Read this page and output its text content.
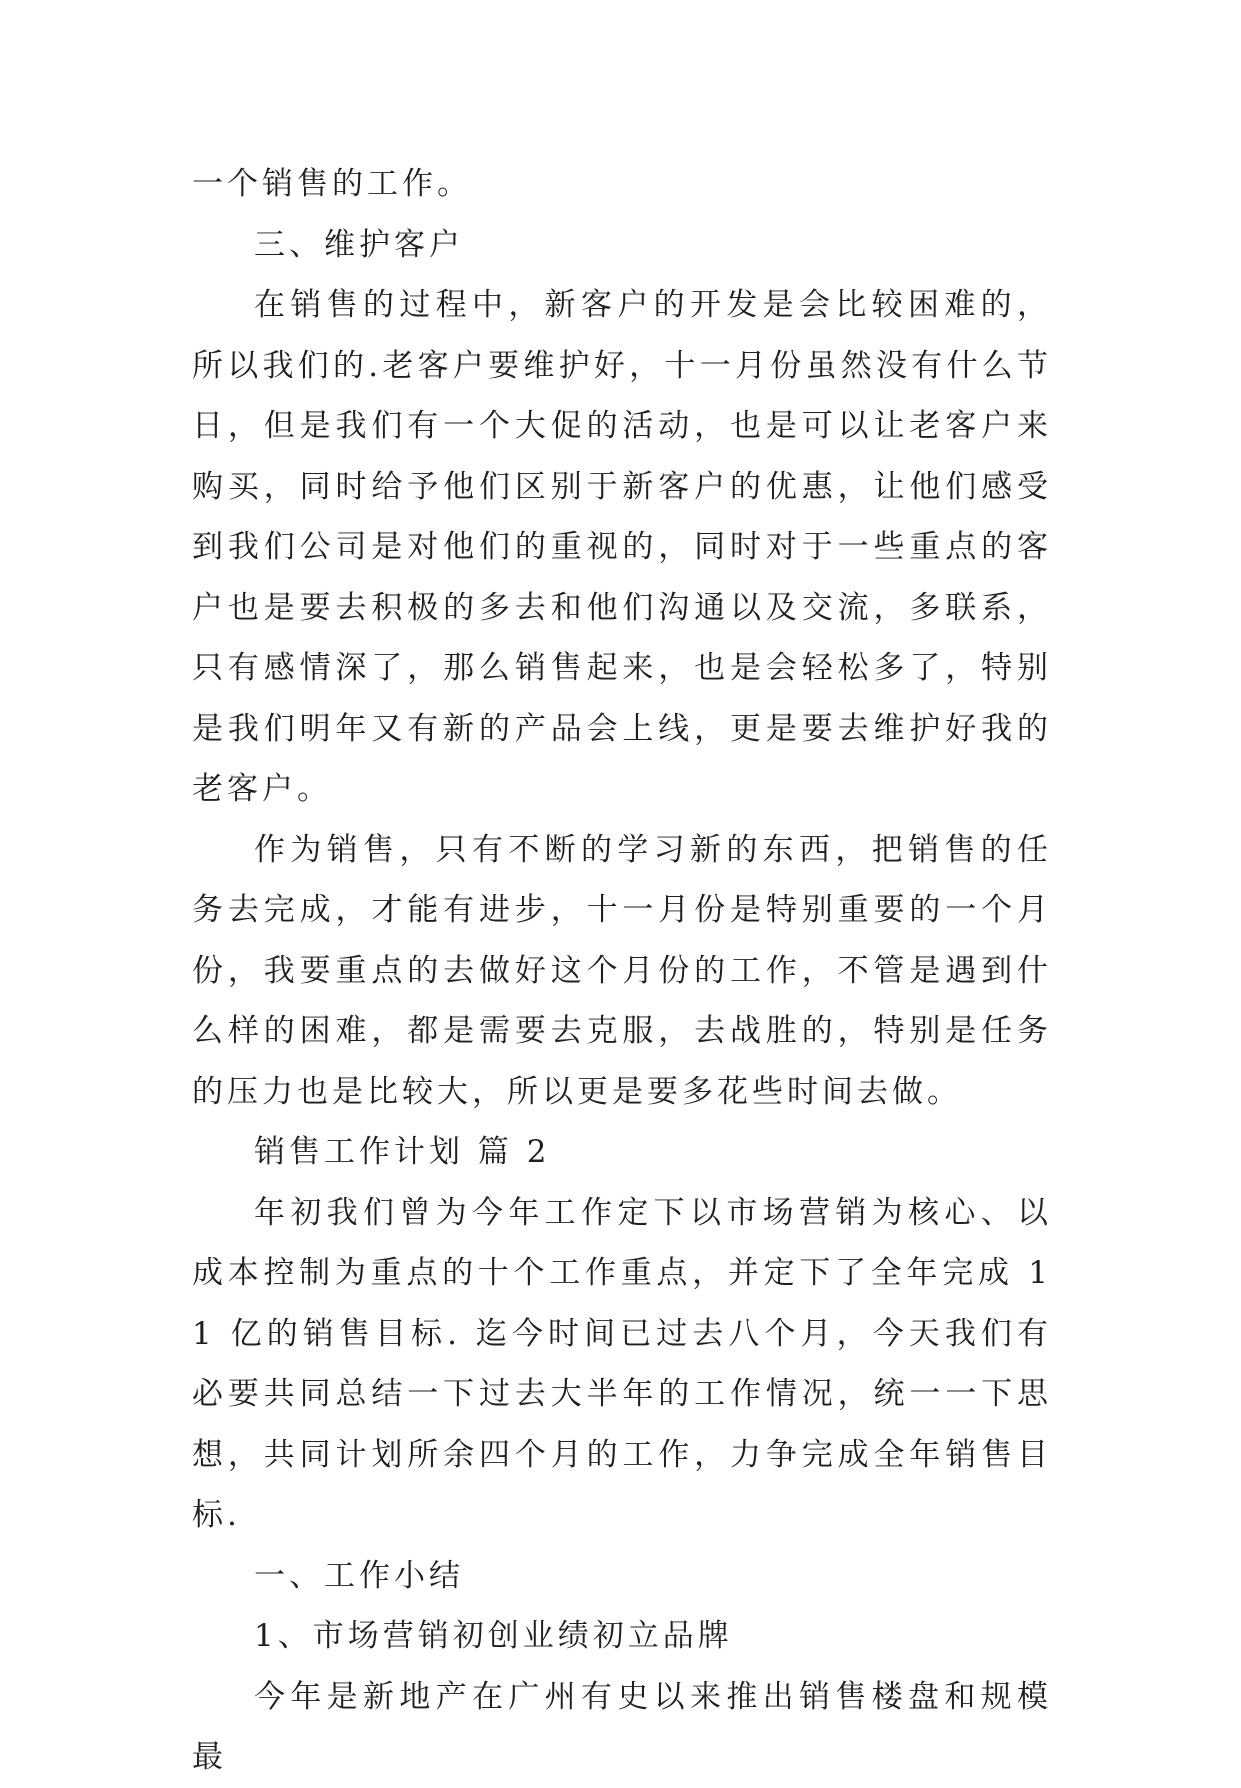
一个销售的工作。

三、维护客户

在销售的过程中，新客户的开发是会比较困难的，所以我们的.老客户要维护好，十一月份虽然没有什么节日，但是我们有一个大促的活动，也是可以让老客户来购买，同时给予他们区别于新客户的优惠，让他们感受到我们公司是对他们的重视的，同时对于一些重点的客户也是要去积极的多去和他们沟通以及交流，多联系，只有感情深了，那么销售起来，也是会轻松多了，特别是我们明年又有新的产品会上线，更是要去维护好我的老客户。

作为销售，只有不断的学习新的东西，把销售的任务去完成，才能有进步，十一月份是特别重要的一个月份，我要重点的去做好这个月份的工作，不管是遇到什么样的困难，都是需要去克服，去战胜的，特别是任务的压力也是比较大，所以更是要多花些时间去做。

销售工作计划 篇 2

年初我们曾为今年工作定下以市场营销为核心、以成本控制为重点的十个工作重点，并定下了全年完成 11 亿的销售目标. 迄今时间已过去八个月，今天我们有必要共同总结一下过去大半年的工作情况，统一一下思想，共同计划所余四个月的工作，力争完成全年销售目标.

一、工作小结

1、市场营销初创业绩初立品牌

今年是新地产在广州有史以来推出销售楼盘和规模最
